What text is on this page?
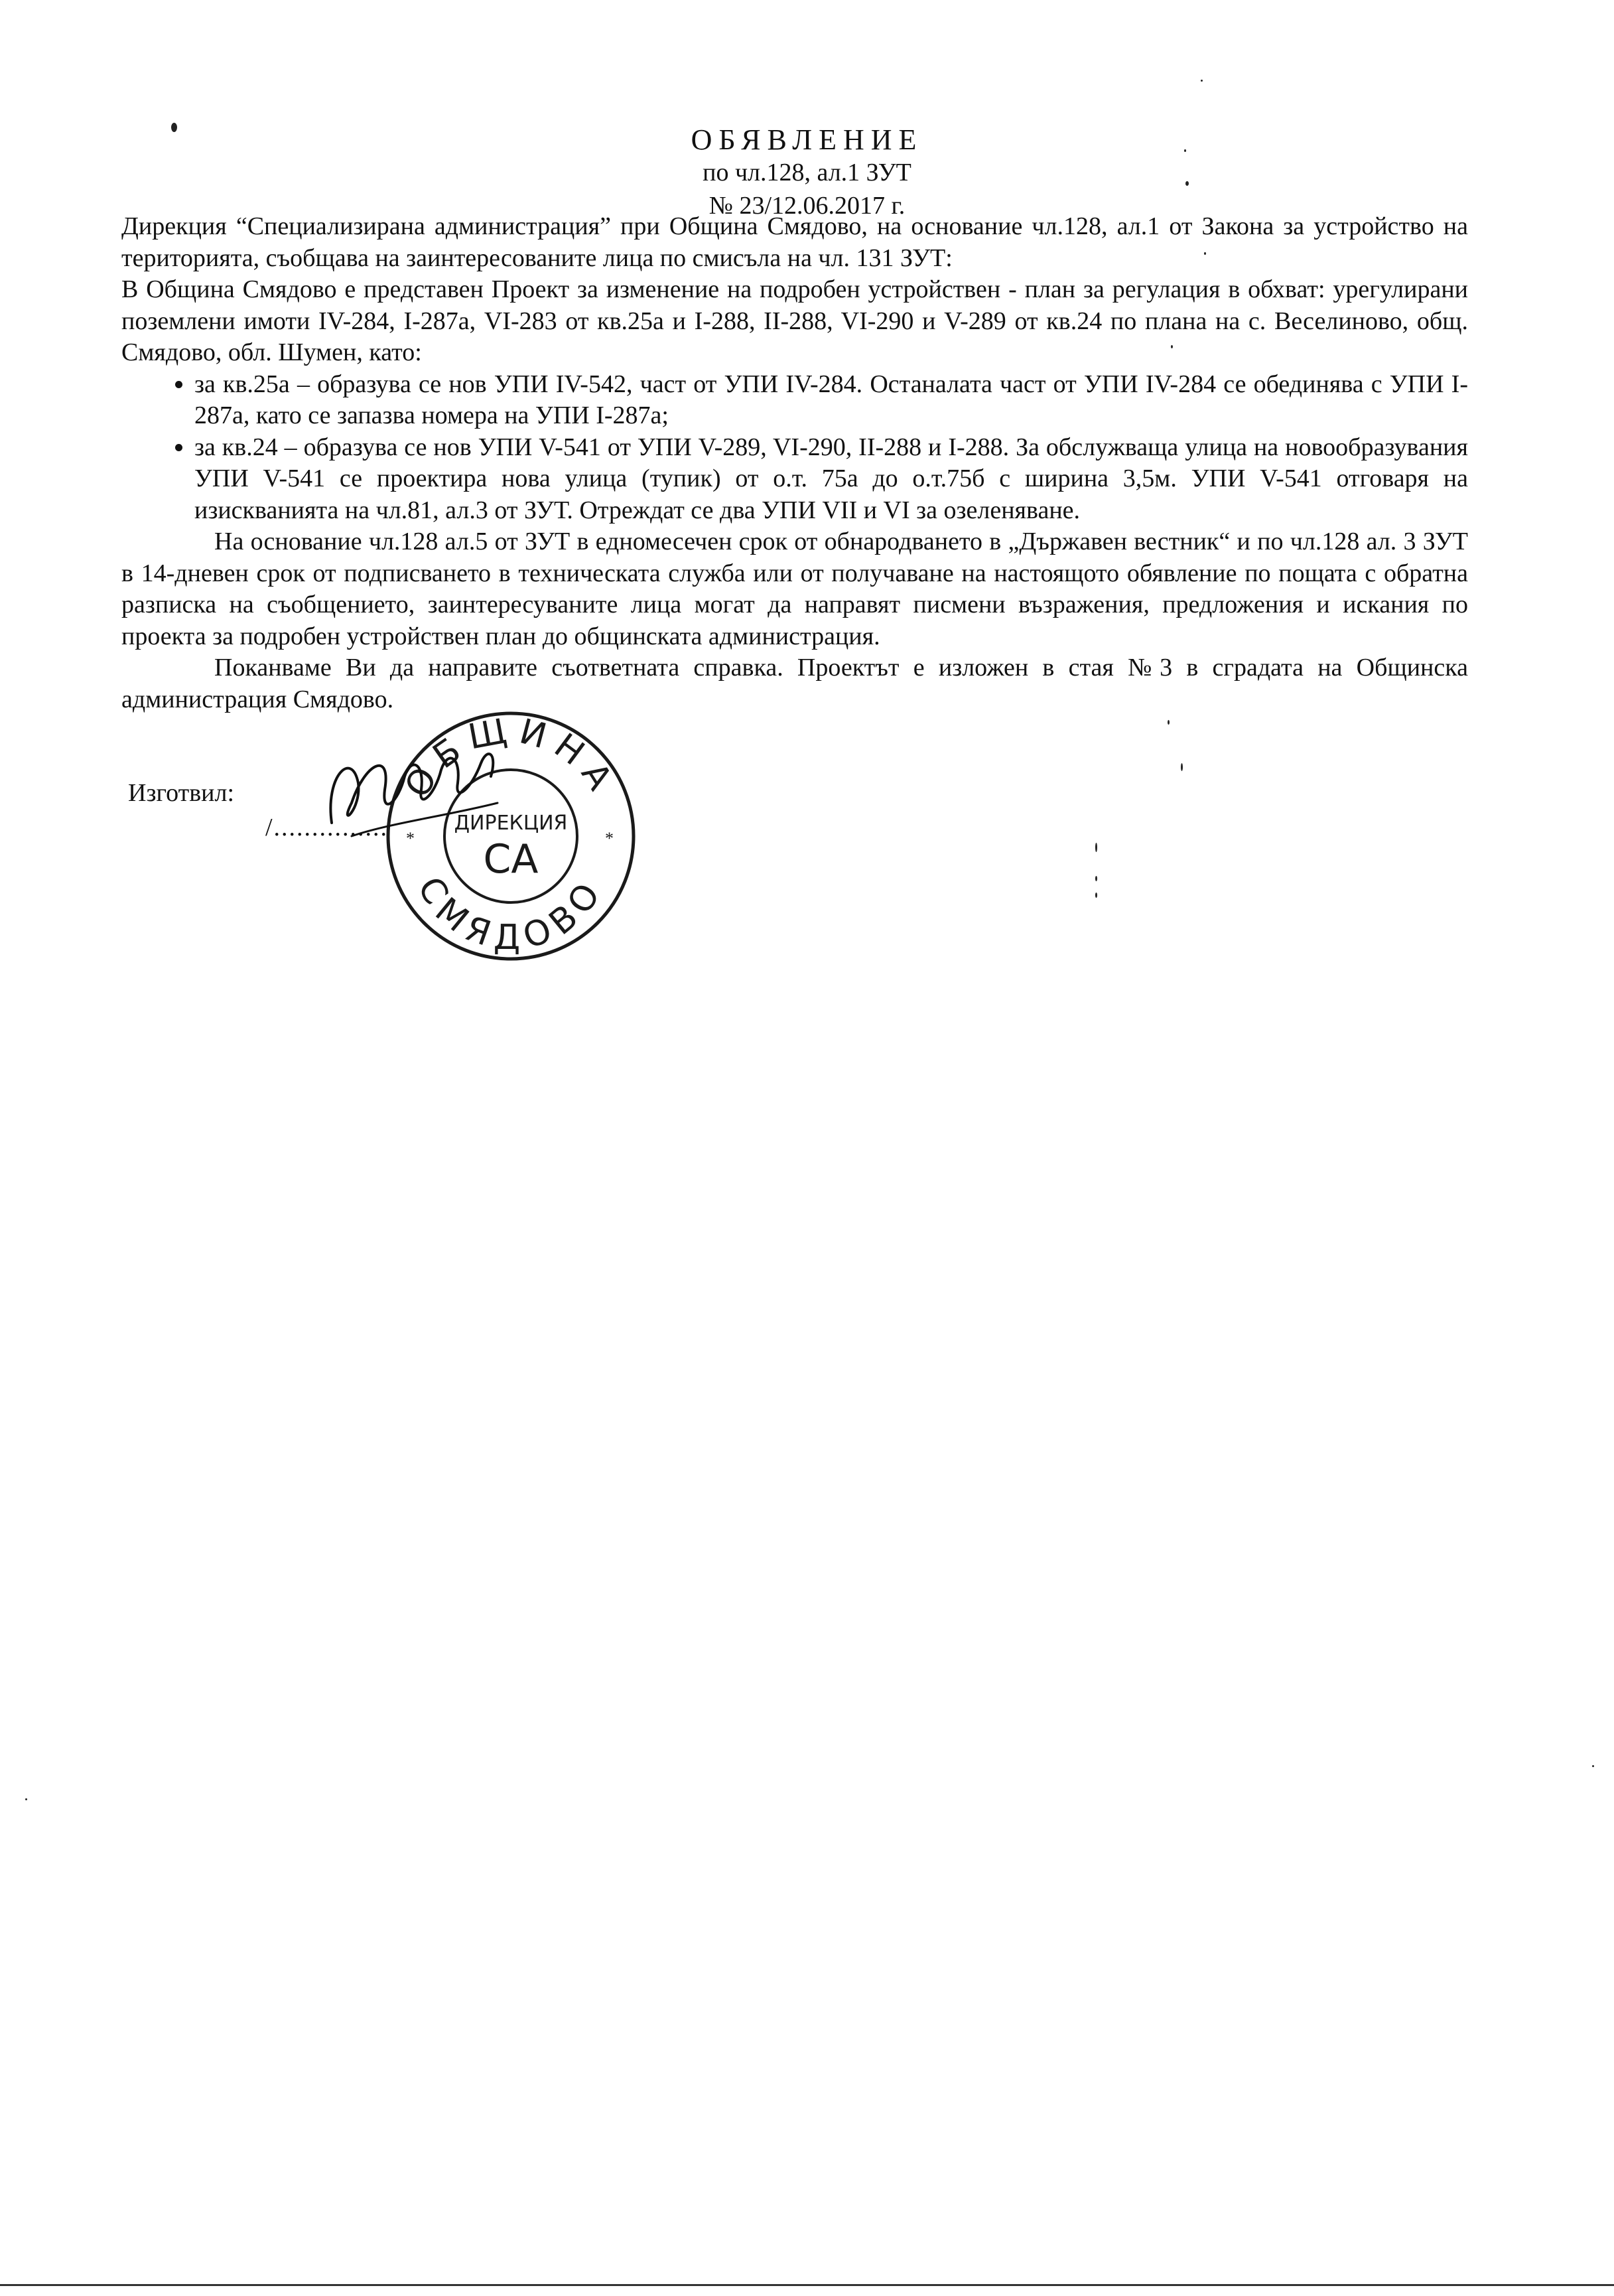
ОБЯВЛЕНИЕ
по чл.128, ал.1 ЗУТ
№ 23/12.06.2017 г.

Дирекция “Специализирана администрация” при Община Смядово, на основание чл.128, ал.1 от Закона за устройство на територията, съобщава на заинтересованите лица по смисъла на чл. 131 ЗУТ:

В Община Смядово е представен Проект за изменение на подробен устройствен - план за регулация в обхват: урегулирани поземлени имоти IV-284, I-287а, VI-283 от кв.25а и I-288, II-288, VI-290 и V-289 от кв.24 по плана на с. Веселиново, общ. Смядово, обл. Шумен, като:

• за кв.25а – образува се нов УПИ IV-542, част от УПИ IV-284. Останалата част от УПИ IV-284 се обединява с УПИ I-287а, като се запазва номера на УПИ I-287а;
• за кв.24 – образува се нов УПИ V-541 от УПИ V-289, VI-290, II-288 и I-288. За обслужваща улица на новообразувания УПИ V-541 се проектира нова улица (тупик) от о.т. 75а до о.т.75б с ширина 3,5м. УПИ V-541 отговаря на изискванията на чл.81, ал.3 от ЗУТ. Отреждат се два УПИ VII и VI за озеленяване.

На основание чл.128 ал.5 от ЗУТ в едномесечен срок от обнародването в „Държавен вестник“ и по чл.128 ал. 3 ЗУТ в 14-дневен срок от подписването в техническата служба или от получаване на настоящото обявление по пощата с обратна разписка на съобщението, заинтересуваните лица могат да направят писмени възражения, предложения и искания по проекта за подробен устройствен план до общинската администрация.

Поканваме Ви да направите съответната справка. Проектът е изложен в стая №3 в сградата на Общинска администрация Смядово.

Изготвил:
/...............
ОБЩИНА
СМЯДОВО
ДИРЕКЦИЯ
СА
*	*
